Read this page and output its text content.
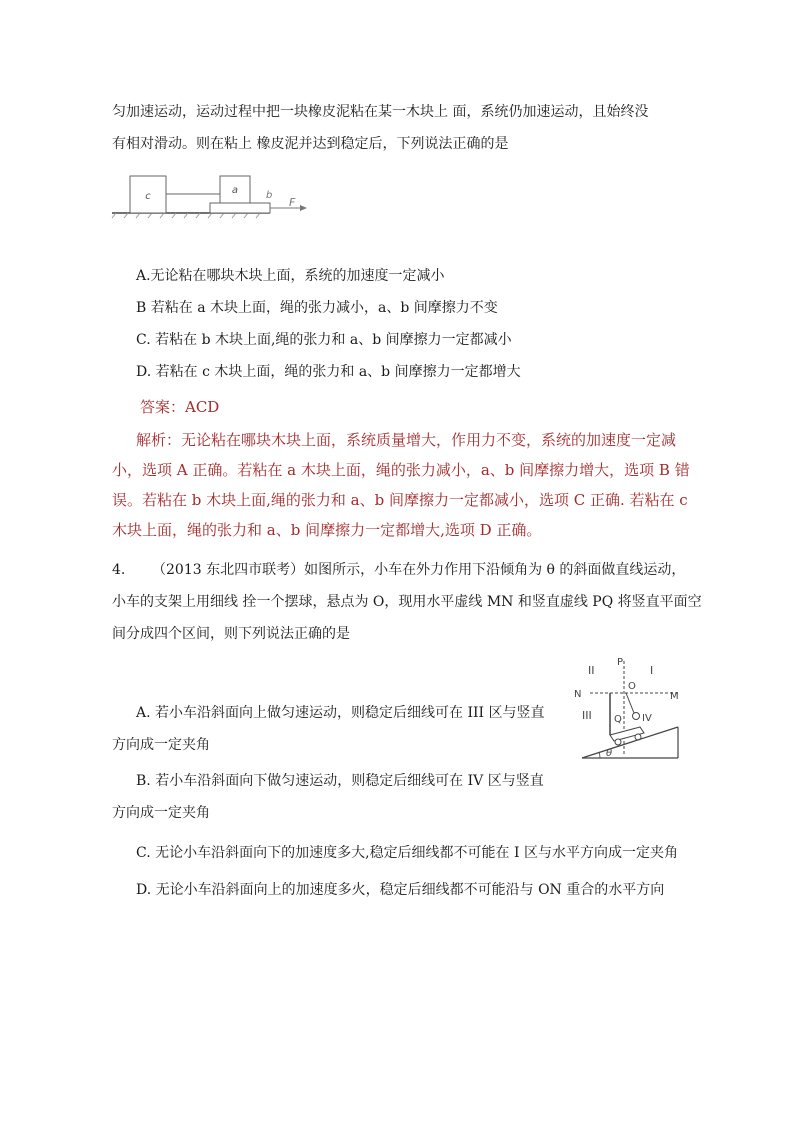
匀加速运动，运动过程中把一块橡皮泥粘在某一木块上 面，系统仍加速运动，且始终没
有相对滑动。则在粘上 橡皮泥并达到稳定后，下列说法正确的是
c
a	b
F
A.无论粘在哪块木块上面，系统的加速度一定减小
B 若粘在 a 木块上面，绳的张力减小，a、b 间摩擦力不变
C. 若粘在 b 木块上面,绳的张力和 a、b 间摩擦力一定都减小
D. 若粘在 c 木块上面，绳的张力和 a、b 间摩擦力一定都增大
答案：ACD
解析：无论粘在哪块木块上面，系统质量增大，作用力不变，系统的加速度一定减
小，选项 A 正确。若粘在 a 木块上面，绳的张力减小，a、b 间摩擦力增大，选项 B 错
误。若粘在 b 木块上面,绳的张力和 a、b 间摩擦力一定都减小，选项 C 正确. 若粘在 c
木块上面，绳的张力和 a、b 间摩擦力一定都增大,选项 D 正确。
4. （2013 东北四市联考）如图所示，小车在外力作用下沿倾角为 θ 的斜面做直线运动，
小车的支架上用细线 拴一个摆球，悬点为 O，现用水平虚线 MN 和竖直虚线 PQ 将竖直平面空
间分成四个区间，则下列说法正确的是
II
P
I
N
O
M
III Q IV
θ
A. 若小车沿斜面向上做匀速运动，则稳定后细线可在 III 区与竖直
方向成一定夹角
B. 若小车沿斜面向下做匀速运动，则稳定后细线可在 IV 区与竖直
方向成一定夹角
C. 无论小车沿斜面向下的加速度多大,稳定后细线都不可能在 I 区与水平方向成一定夹角
D. 无论小车沿斜面向上的加速度多火，稳定后细线都不可能沿与 ON 重合的水平方向
